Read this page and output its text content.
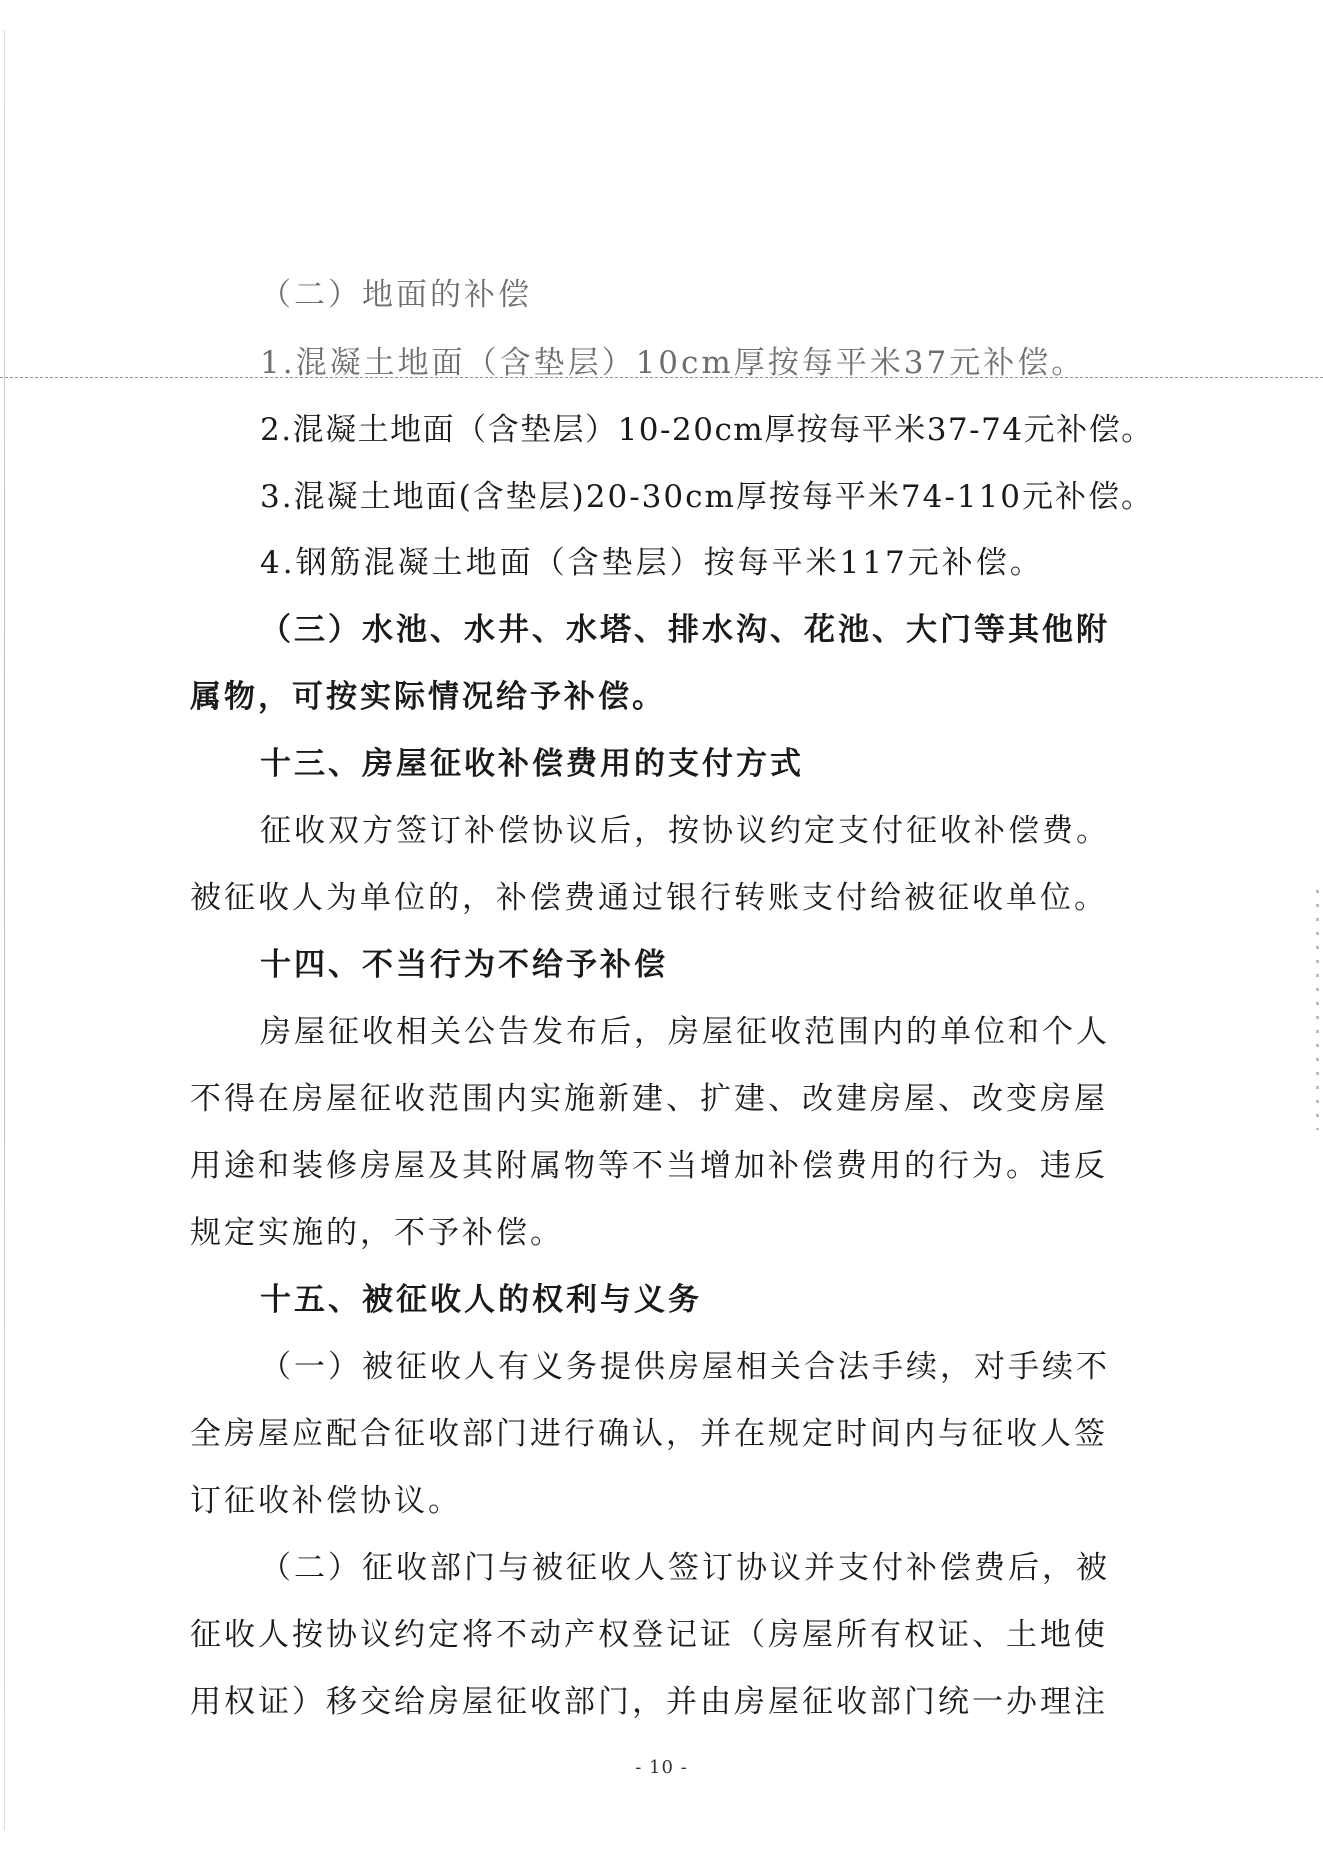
（二）地面的补偿
1.混凝土地面（含垫层）10cm厚按每平米37元补偿。
2.混凝土地面（含垫层）10-20cm厚按每平米37-74元补偿。
3.混凝土地面(含垫层)20-30cm厚按每平米74-110元补偿。
4.钢筋混凝土地面（含垫层）按每平米117元补偿。
（三）水池、水井、水塔、排水沟、花池、大门等其他附
属物，可按实际情况给予补偿。
十三、房屋征收补偿费用的支付方式
征收双方签订补偿协议后，按协议约定支付征收补偿费。
被征收人为单位的，补偿费通过银行转账支付给被征收单位。
十四、不当行为不给予补偿
房屋征收相关公告发布后，房屋征收范围内的单位和个人
不得在房屋征收范围内实施新建、扩建、改建房屋、改变房屋
用途和装修房屋及其附属物等不当增加补偿费用的行为。违反
规定实施的，不予补偿。
十五、被征收人的权利与义务
（一）被征收人有义务提供房屋相关合法手续，对手续不
全房屋应配合征收部门进行确认，并在规定时间内与征收人签
订征收补偿协议。
（二）征收部门与被征收人签订协议并支付补偿费后，被
征收人按协议约定将不动产权登记证（房屋所有权证、土地使
用权证）移交给房屋征收部门，并由房屋征收部门统一办理注
- 10 -
